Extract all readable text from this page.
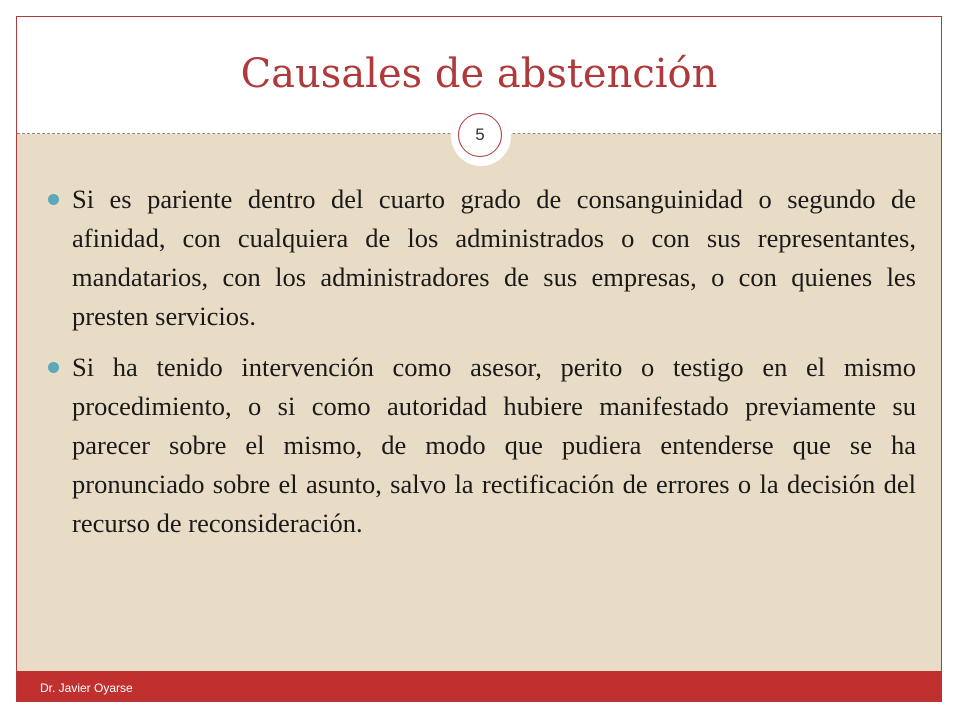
Causales de abstención
5
Si es pariente dentro del cuarto grado de consanguinidad o segundo de afinidad, con cualquiera de los administrados o con sus representantes, mandatarios, con los administradores de sus empresas, o con quienes les presten servicios.
Si ha tenido intervención como asesor, perito o testigo en el mismo procedimiento, o si como autoridad hubiere manifestado previamente su parecer sobre el mismo, de modo que pudiera entenderse que se ha pronunciado sobre el asunto, salvo la rectificación de errores o la decisión del recurso de reconsideración.
Dr. Javier Oyarse
